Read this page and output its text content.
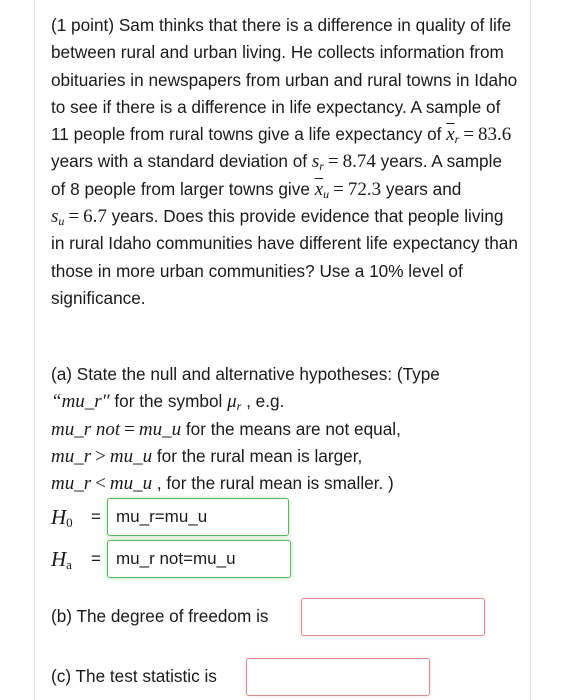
(1 point) Sam thinks that there is a difference in quality of life between rural and urban living. He collects information from obituaries in newspapers from urban and rural towns in Idaho to see if there is a difference in life expectancy. A sample of 11 people from rural towns give a life expectancy of $\overline{x}_r = 83.6$ years with a standard deviation of $s_r = 8.74$ years. A sample of 8 people from larger towns give $\overline{x}_u = 72.3$ years and $s_u = 6.7$ years. Does this provide evidence that people living in rural Idaho communities have different life expectancy than those in more urban communities? Use a 10% level of significance.

(a) State the null and alternative hypotheses: (Type

“mu_r″ for the symbol $\mu_r$ , e.g.

mu_r not = mu_u for the means are not equal,

mu_r > mu_u for the rural mean is larger,

mu_r < mu_u , for the rural mean is smaller. )

$H_0$	= mu_r=mu_u
$H_a$	= mu_r not=mu_u
(b) The degree of freedom is
(c) The test statistic is
